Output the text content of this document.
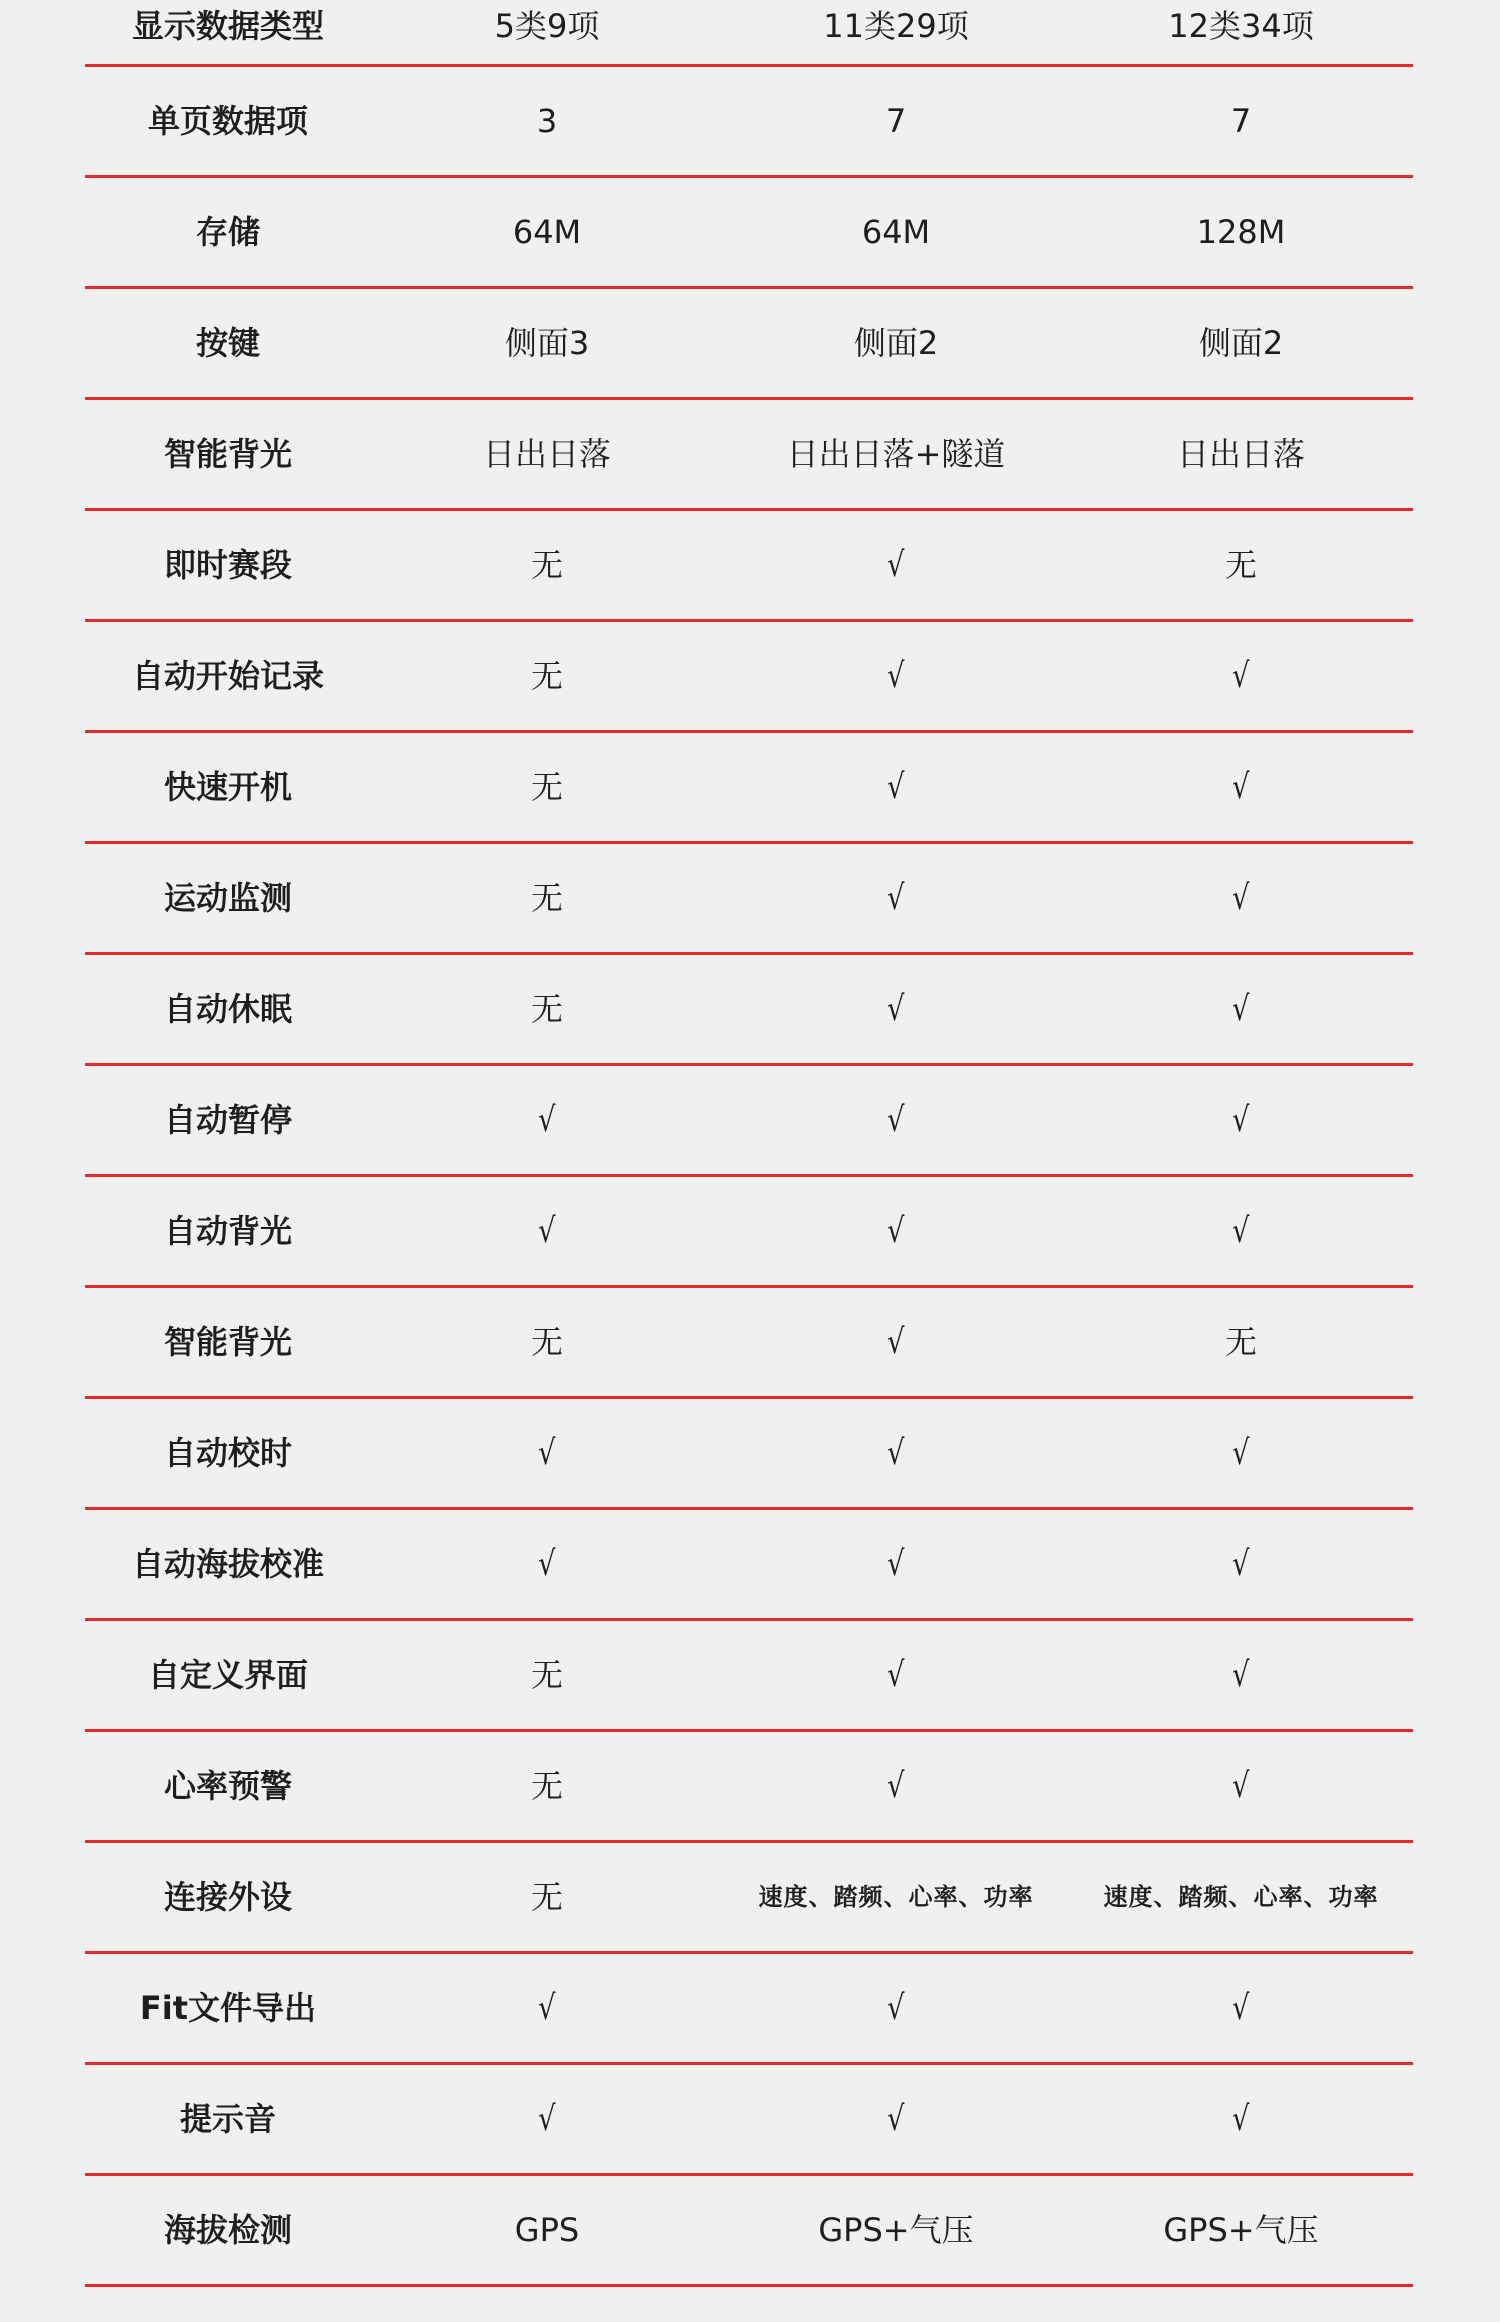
显示数据类型	5类9项	11类29项	12类34项
单页数据项	3	7	7
存储	64M	64M	128M
按键	侧面3	侧面2	侧面2
智能背光	日出日落	日出日落+隧道	日出日落
即时赛段	无	√	无
自动开始记录	无	√	√
快速开机	无	√	√
运动监测	无	√	√
自动休眠	无	√	√
自动暂停	√	√	√
自动背光	√	√	√
智能背光	无	√	无
自动校时	√	√	√
自动海拔校准	√	√	√
自定义界面	无	√	√
心率预警	无	√	√
连接外设	无	速度、踏频、心率、功率	速度、踏频、心率、功率
Fit文件导出	√	√	√
提示音	√	√	√
海拔检测	GPS	GPS+气压	GPS+气压
